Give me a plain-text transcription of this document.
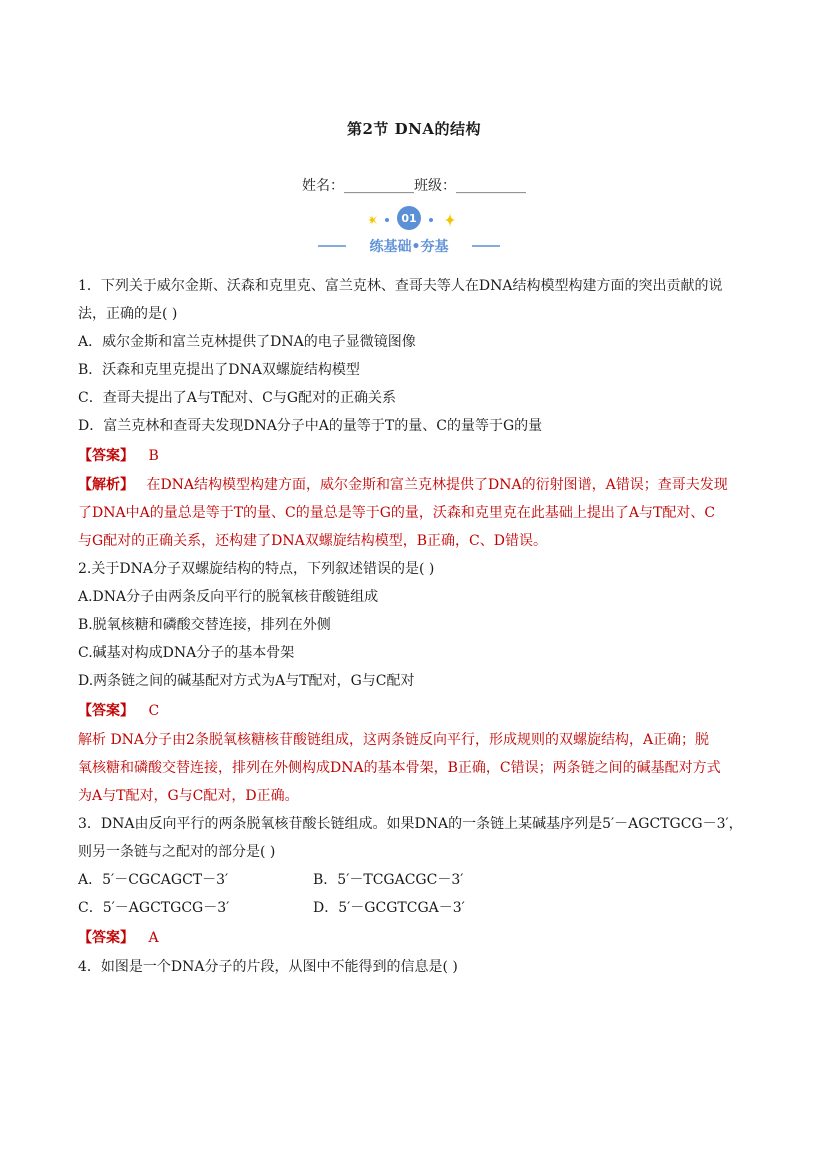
第2节 DNA的结构
姓名：__________班级：__________
01
练基础•夯基
1．下列关于威尔金斯、沃森和克里克、富兰克林、查哥夫等人在DNA结构模型构建方面的突出贡献的说
法，正确的是( )
A．威尔金斯和富兰克林提供了DNA的电子显微镜图像
B．沃森和克里克提出了DNA双螺旋结构模型
C．查哥夫提出了A与T配对、C与G配对的正确关系
D．富兰克林和查哥夫发现DNA分子中A的量等于T的量、C的量等于G的量
【答案】 B
【解析】 在DNA结构模型构建方面，威尔金斯和富兰克林提供了DNA的衍射图谱，A错误；查哥夫发现
了DNA中A的量总是等于T的量、C的量总是等于G的量，沃森和克里克在此基础上提出了A与T配对、C
与G配对的正确关系，还构建了DNA双螺旋结构模型，B正确，C、D错误。
2.关于DNA分子双螺旋结构的特点，下列叙述错误的是( )
A.DNA分子由两条反向平行的脱氧核苷酸链组成
B.脱氧核糖和磷酸交替连接，排列在外侧
C.碱基对构成DNA分子的基本骨架
D.两条链之间的碱基配对方式为A与T配对，G与C配对
【答案】 C
解析 DNA分子由2条脱氧核糖核苷酸链组成，这两条链反向平行，形成规则的双螺旋结构，A正确；脱
氧核糖和磷酸交替连接，排列在外侧构成DNA的基本骨架，B正确，C错误；两条链之间的碱基配对方式
为A与T配对，G与C配对，D正确。
3．DNA由反向平行的两条脱氧核苷酸长链组成。如果DNA的一条链上某碱基序列是5′－AGCTGCG－3′，
则另一条链与之配对的部分是( )
A．5′－CGCAGCT－3′	B．5′－TCGACGC－3′
C．5′－AGCTGCG－3′	D．5′－GCGTCGA－3′
【答案】 A
4．如图是一个DNA分子的片段，从图中不能得到的信息是( )
